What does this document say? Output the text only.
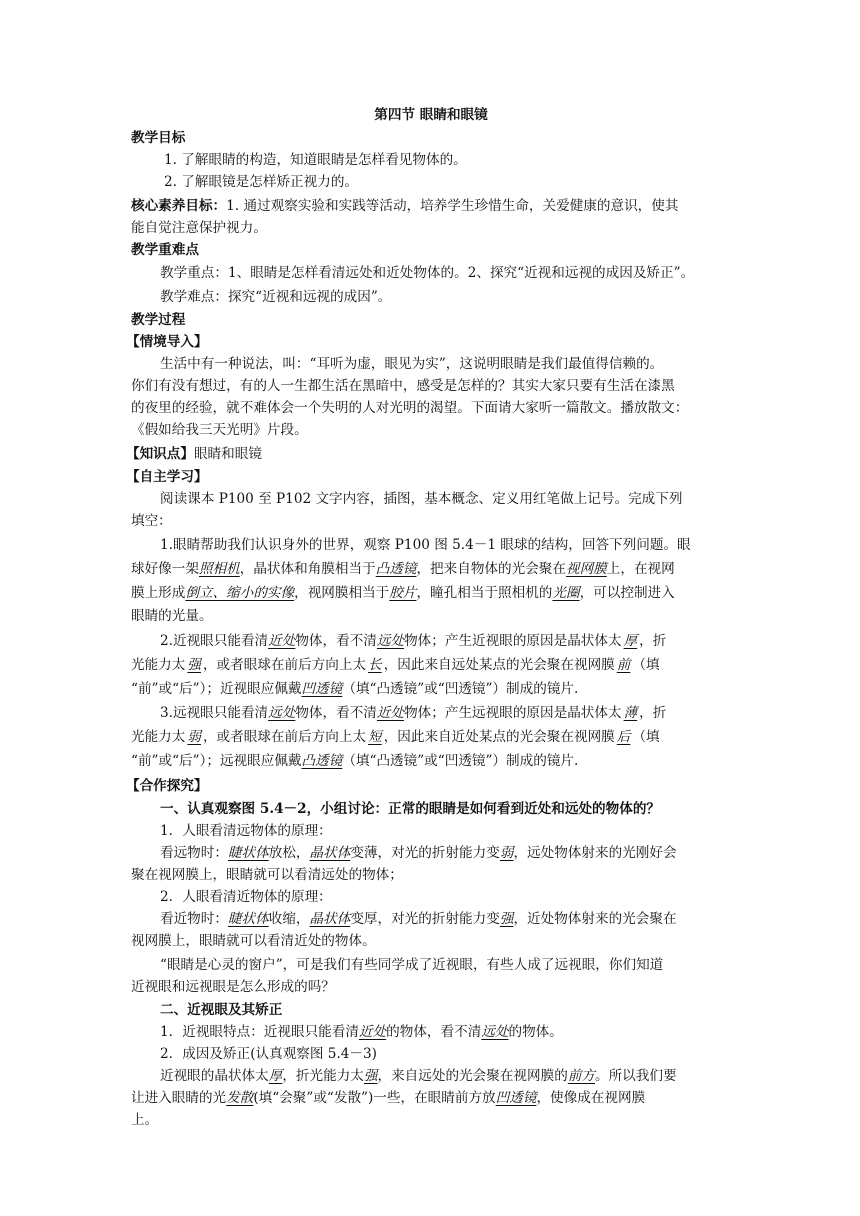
第四节 眼睛和眼镜
教学目标
1. 了解眼睛的构造，知道眼睛是怎样看见物体的。
2. 了解眼镜是怎样矫正视力的。
核心素养目标：1. 通过观察实验和实践等活动，培养学生珍惜生命，关爱健康的意识，使其
能自觉注意保护视力。
教学重难点
教学重点：1、眼睛是怎样看清远处和近处物体的。2、探究“近视和远视的成因及矫正”。
教学难点：探究“近视和远视的成因”。
教学过程
【情境导入】
生活中有一种说法，叫：“耳听为虚，眼见为实”，这说明眼睛是我们最值得信赖的。
你们有没有想过，有的人一生都生活在黑暗中，感受是怎样的？其实大家只要有生活在漆黑
的夜里的经验，就不难体会一个失明的人对光明的渴望。下面请大家听一篇散文。播放散文：
《假如给我三天光明》片段。
【知识点】眼睛和眼镜
【自主学习】
阅读课本 P100 至 P102 文字内容，插图，基本概念、定义用红笔做上记号。完成下列
填空：
1.眼睛帮助我们认识身外的世界，观察 P100 图 5.4－1 眼球的结构，回答下列问题。眼
球好像一架照相机，晶状体和角膜相当于凸透镜，把来自物体的光会聚在视网膜上，在视网
膜上形成倒立、缩小的实像，视网膜相当于胶片，瞳孔相当于照相机的光圈，可以控制进入
眼睛的光量。
2.近视眼只能看清近处物体，看不清远处物体；产生近视眼的原因是晶状体太 厚 ，折
光能力太 强 ，或者眼球在前后方向上太 长 ，因此来自远处某点的光会聚在视网膜 前 （填
“前”或“后”）；近视眼应佩戴凹透镜（填“凸透镜”或“凹透镜”）制成的镜片.
3.远视眼只能看清远处物体，看不清近处物体；产生远视眼的原因是晶状体太 薄 ，折
光能力太 弱 ，或者眼球在前后方向上太 短 ，因此来自近处某点的光会聚在视网膜 后 （填
“前”或“后”）；远视眼应佩戴凸透镜（填“凸透镜”或“凹透镜”）制成的镜片.
【合作探究】
一、认真观察图 5.4－2，小组讨论：正常的眼睛是如何看到近处和远处的物体的？
1．人眼看清远物体的原理：
看远物时：睫状体放松，晶状体变薄，对光的折射能力变弱，远处物体射来的光刚好会
聚在视网膜上，眼睛就可以看清远处的物体；
2．人眼看清近物体的原理：
看近物时：睫状体收缩，晶状体变厚，对光的折射能力变强，近处物体射来的光会聚在
视网膜上，眼睛就可以看清近处的物体。
“眼睛是心灵的窗户”，可是我们有些同学成了近视眼，有些人成了远视眼，你们知道
近视眼和远视眼是怎么形成的吗？
二、近视眼及其矫正
1．近视眼特点：近视眼只能看清近处的物体，看不清远处的物体。
2．成因及矫正(认真观察图 5.4－3)
近视眼的晶状体太厚，折光能力太强，来自远处的光会聚在视网膜的前方。所以我们要
让进入眼睛的光发散(填“会聚”或“发散”)一些，在眼睛前方放凹透镜，使像成在视网膜
上。
